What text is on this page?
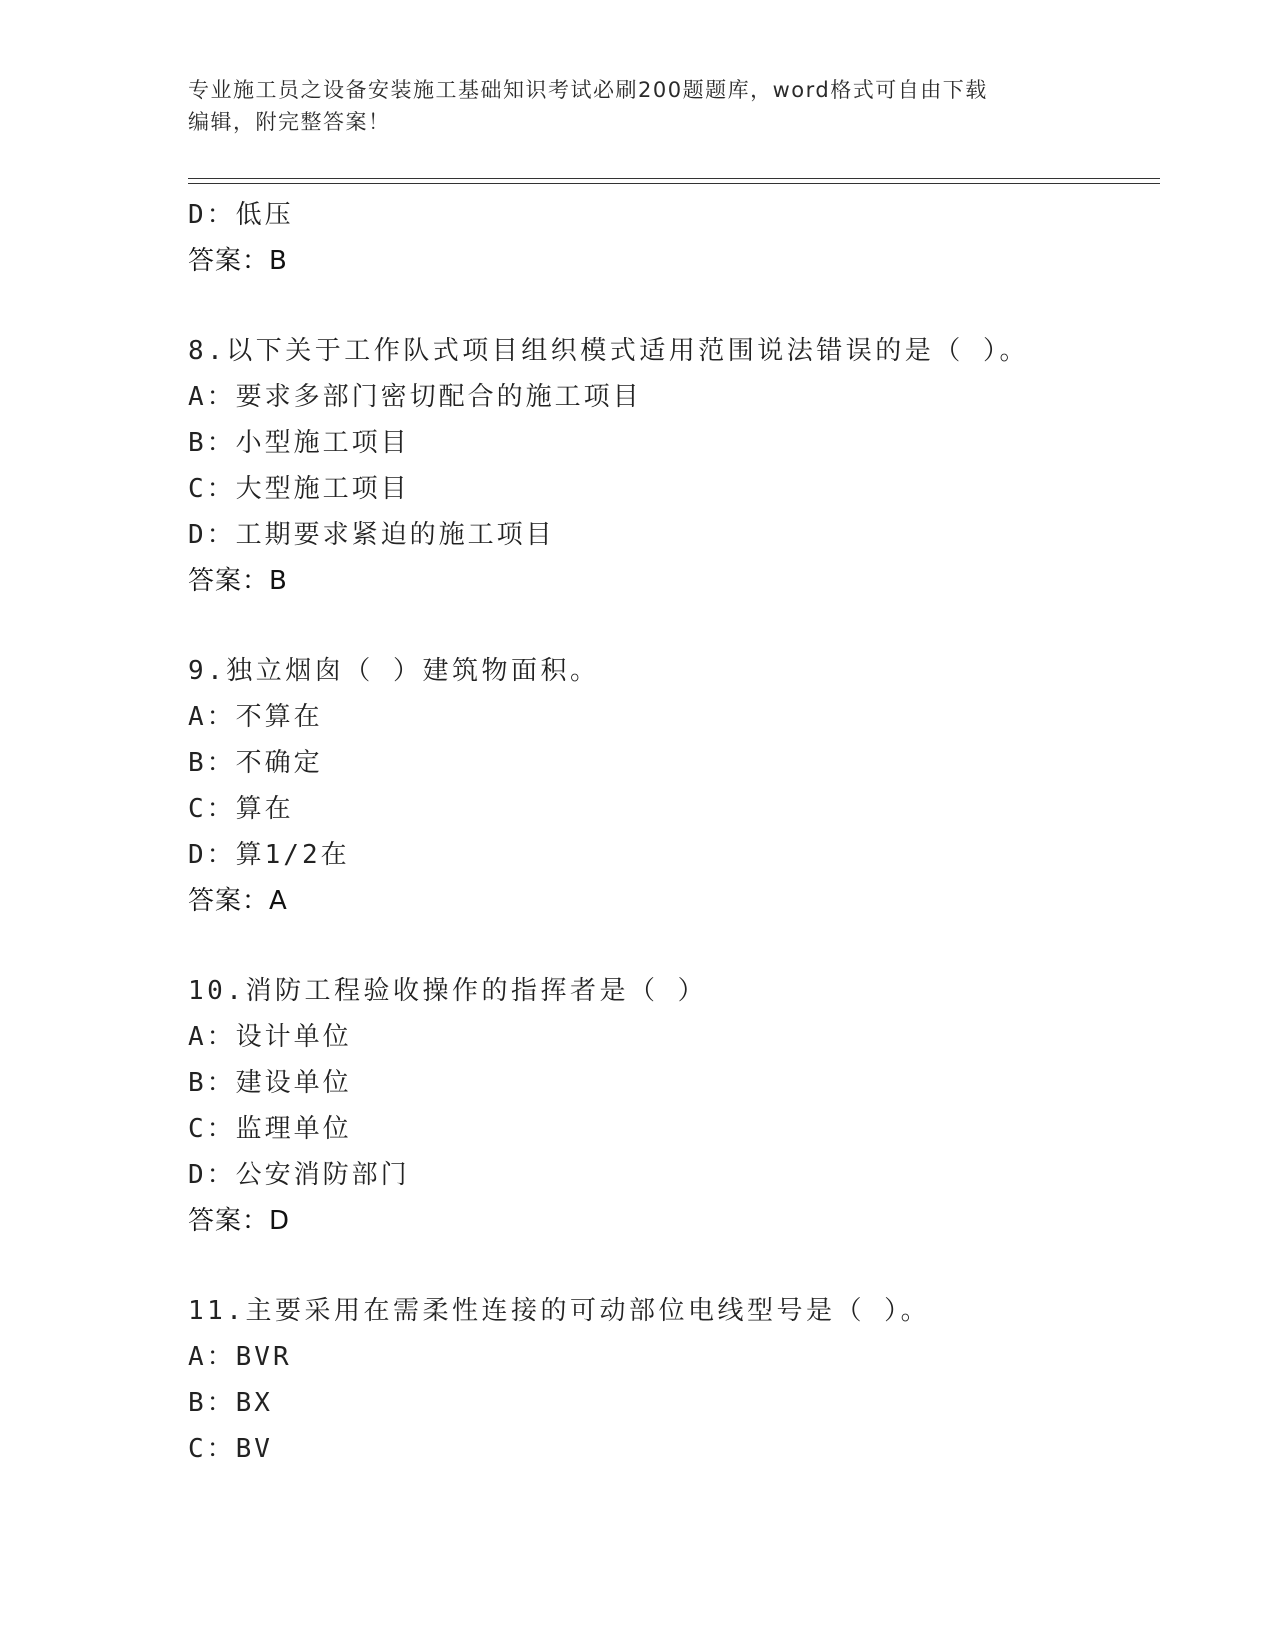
专业施工员之设备安装施工基础知识考试必刷200题题库，word格式可自由下载
编辑，附完整答案！
D：低压
答案：B
8.以下关于工作队式项目组织模式适用范围说法错误的是（ ）。
A：要求多部门密切配合的施工项目
B：小型施工项目
C：大型施工项目
D：工期要求紧迫的施工项目
答案：B
9.独立烟囱（ ）建筑物面积。
A：不算在
B：不确定
C：算在
D：算1/2在
答案：A
10.消防工程验收操作的指挥者是（ ）
A：设计单位
B：建设单位
C：监理单位
D：公安消防部门
答案：D
11.主要采用在需柔性连接的可动部位电线型号是（ ）。
A：BVR
B：BX
C：BV
